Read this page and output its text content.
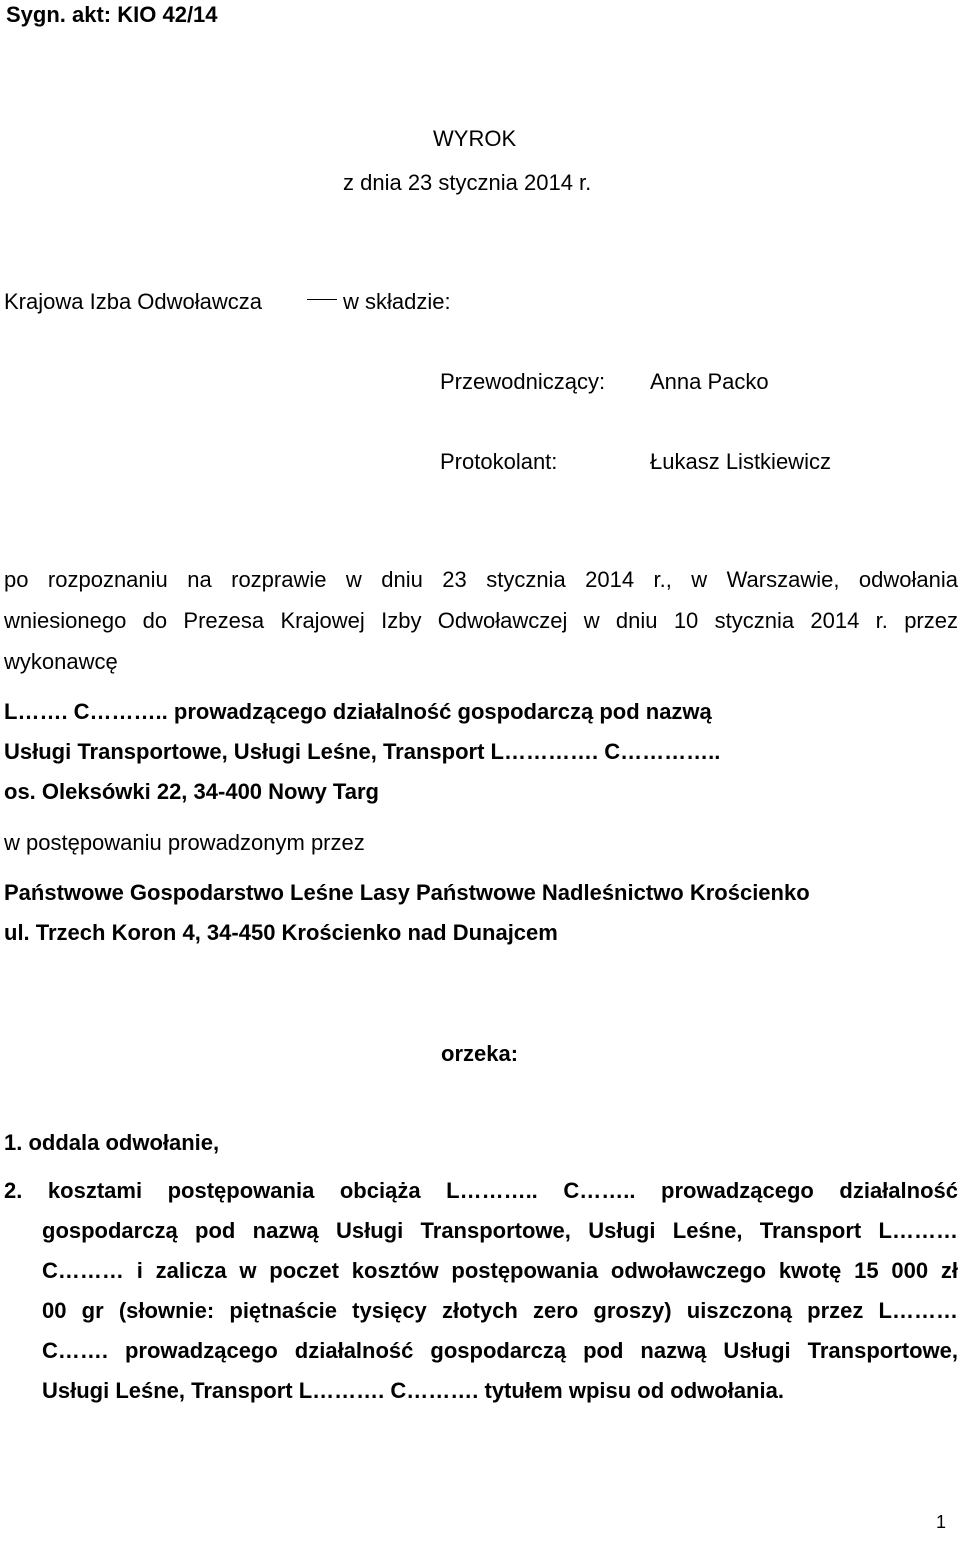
Sygn. akt: KIO 42/14
WYROK
z dnia 23 stycznia 2014 r.
Krajowa Izba Odwoławcza	w składzie:
Przewodniczący: Anna Packo
Protokolant:	Łukasz Listkiewicz
po rozpoznaniu na rozprawie w dniu 23 stycznia 2014 r., w Warszawie, odwołania
wniesionego do Prezesa Krajowej Izby Odwoławczej w dniu 10 stycznia 2014 r. przez
wykonawcę
L……. C……….. prowadzącego działalność gospodarczą pod nazwą
Usługi Transportowe, Usługi Leśne, Transport L…………. C…………..
os. Oleksówki 22, 34-400 Nowy Targ
w postępowaniu prowadzonym przez
Państwowe Gospodarstwo Leśne Lasy Państwowe Nadleśnictwo Krościenko
ul. Trzech Koron 4, 34-450 Krościenko nad Dunajcem
orzeka:
1. oddala odwołanie,
2. kosztami postępowania obciąża L……….. C…….. prowadzącego działalność
gospodarczą pod nazwą Usługi Transportowe, Usługi Leśne, Transport L………
C……… i zalicza w poczet kosztów postępowania odwoławczego kwotę 15 000 zł
00 gr (słownie: piętnaście tysięcy złotych zero groszy) uiszczoną przez L………
C……. prowadzącego działalność gospodarczą pod nazwą Usługi Transportowe,
Usługi Leśne, Transport L………. C………. tytułem wpisu od odwołania.
1
